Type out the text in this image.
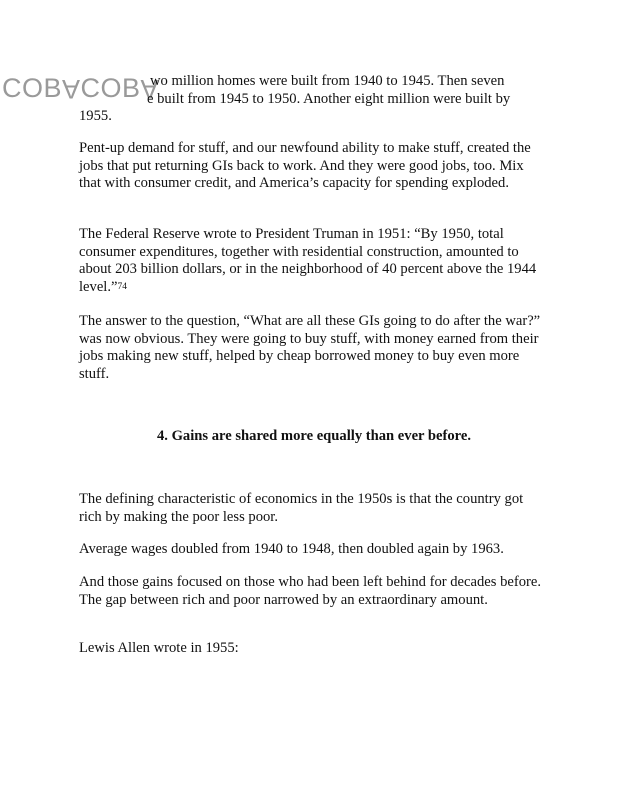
COBACOBA
wo million homes were built from 1940 to 1945. Then seven
e built from 1945 to 1950. Another eight million were built by
1955.

Pent-up demand for stuff, and our newfound ability to make stuff, created the jobs that put returning GIs back to work. And they were good jobs, too. Mix that with consumer credit, and America’s capacity for spending exploded.

The Federal Reserve wrote to President Truman in 1951: “By 1950, total consumer expenditures, together with residential construction, amounted to about 203 billion dollars, or in the neighborhood of 40 percent above the 1944 level.”$^{74}$

The answer to the question, “What are all these GIs going to do after the war?” was now obvious. They were going to buy stuff, with money earned from their jobs making new stuff, helped by cheap borrowed money to buy even more stuff.

4. Gains are shared more equally than ever before.

The defining characteristic of economics in the 1950s is that the country got rich by making the poor less poor.

Average wages doubled from 1940 to 1948, then doubled again by 1963.

And those gains focused on those who had been left behind for decades before. The gap between rich and poor narrowed by an extraordinary amount.

Lewis Allen wrote in 1955:
